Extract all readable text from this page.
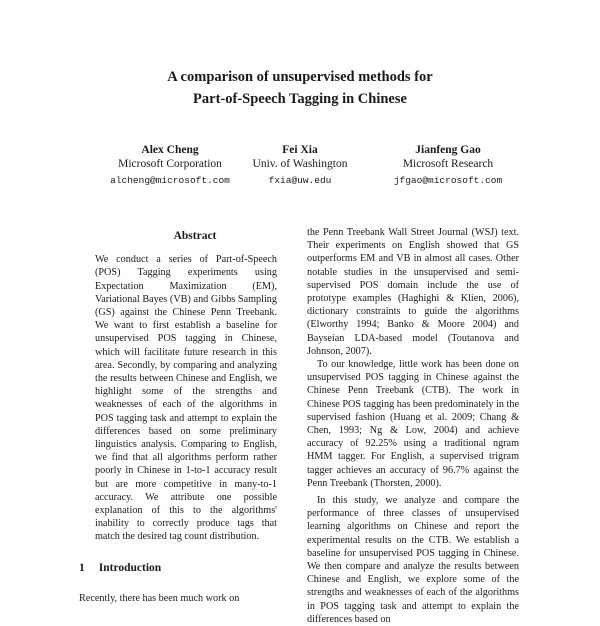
A comparison of unsupervised methods for
Part-of-Speech Tagging in Chinese
Alex Cheng
Microsoft Corporation
alcheng@microsoft.com
Fei Xia
Univ. of Washington
fxia@uw.edu
Jianfeng Gao
Microsoft Research
jfgao@microsoft.com
Abstract

We conduct a series of Part-of-Speech (POS) Tagging experiments using Expectation Maximization (EM), Variational Bayes (VB) and Gibbs Sampling (GS) against the Chinese Penn Treebank. We want to first establish a baseline for unsupervised POS tagging in Chinese, which will facilitate future research in this area. Secondly, by comparing and analyzing the results between Chinese and English, we highlight some of the strengths and weaknesses of each of the algorithms in POS tagging task and attempt to explain the differences based on some preliminary linguistics analysis. Comparing to English, we find that all algorithms perform rather poorly in Chinese in 1-to-1 accuracy result but are more competitive in many-to-1 accuracy. We attribute one possible explanation of this to the algorithms' inability to correctly produce tags that match the desired tag count distribution.

1 Introduction

Recently, there has been much work on

the Penn Treebank Wall Street Journal (WSJ) text. Their experiments on English showed that GS outperforms EM and VB in almost all cases. Other notable studies in the unsupervised and semi-supervised POS domain include the use of prototype examples (Haghighi & Klien, 2006), dictionary constraints to guide the algorithms (Elworthy 1994; Banko & Moore 2004) and Bayseian LDA-based model (Toutanova and Johnson, 2007).

To our knowledge, little work has been done on unsupervised POS tagging in Chinese against the Chinese Penn Treebank (CTB). The work in Chinese POS tagging has been predominately in the supervised fashion (Huang et al. 2009; Chang & Chen, 1993; Ng & Low, 2004) and achieve accuracy of 92.25% using a traditional ngram HMM tagger. For English, a supervised trigram tagger achieves an accuracy of 96.7% against the Penn Treebank (Thorsten, 2000).

In this study, we analyze and compare the performance of three classes of unsupervised learning algorithms on Chinese and report the experimental results on the CTB. We establish a baseline for unsupervised POS tagging in Chinese. We then compare and analyze the results between Chinese and English, we explore some of the strengths and weaknesses of each of the algorithms in POS tagging task and attempt to explain the differences based on
